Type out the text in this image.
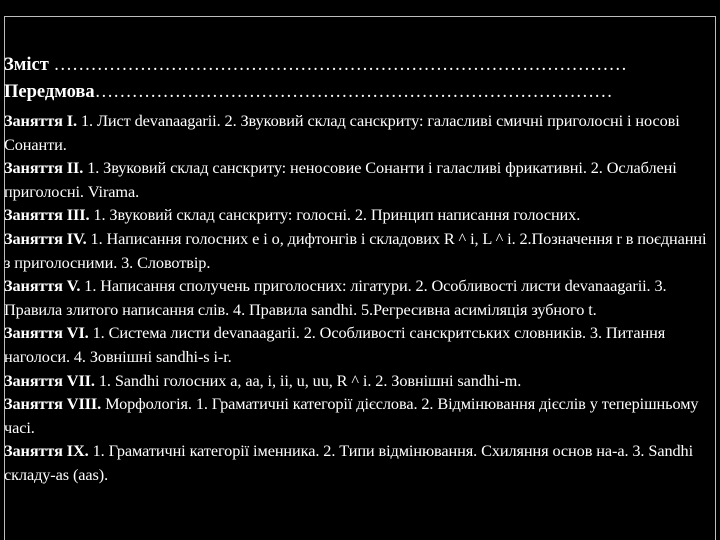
Зміст …………………………………………………………………………………
Передмова…………………………………………………………………………
Заняття І. 1. Лист devanaagarii. 2. Звуковий склад санскриту: галасливі смичні приголосні і носові Сонанти.
Заняття ІІ. 1. Звуковий склад санскриту: неносовие Сонанти і галасливі фрикативні. 2. Ослаблені приголосні. Virama.
Заняття ІІІ. 1. Звуковий склад санскриту: голосні. 2. Принцип написання голосних.
Заняття IV. 1. Написання голосних е і о, дифтонгів і складових R ^ i, L ^ i. 2.Позначення r в поєднанні з приголосними. 3. Словотвір.
Заняття V. 1. Написання сполучень приголосних: лігатури. 2. Особливості листи devanaagarii. 3. Правила злитого написання слів. 4. Правила sandhi. 5.Регресивна асиміляція зубного t.
Заняття VI. 1. Система листи devanaagarii. 2. Особливості санскритських словників. 3. Питання наголоси. 4. Зовнішні sandhi-s і-r.
Заняття VII. 1. Sandhi голосних a, aa, i, ii, u, uu, R ^ i. 2. Зовнішні sandhi-m.
Заняття VIII. Морфологія. 1. Граматичні категорії дієслова. 2. Відмінювання дієслів у теперішньому часі.
Заняття IX. 1. Граматичні категорії іменника. 2. Типи відмінювання. Схиляння основ на-а. 3. Sandhi складу-as (aas).
